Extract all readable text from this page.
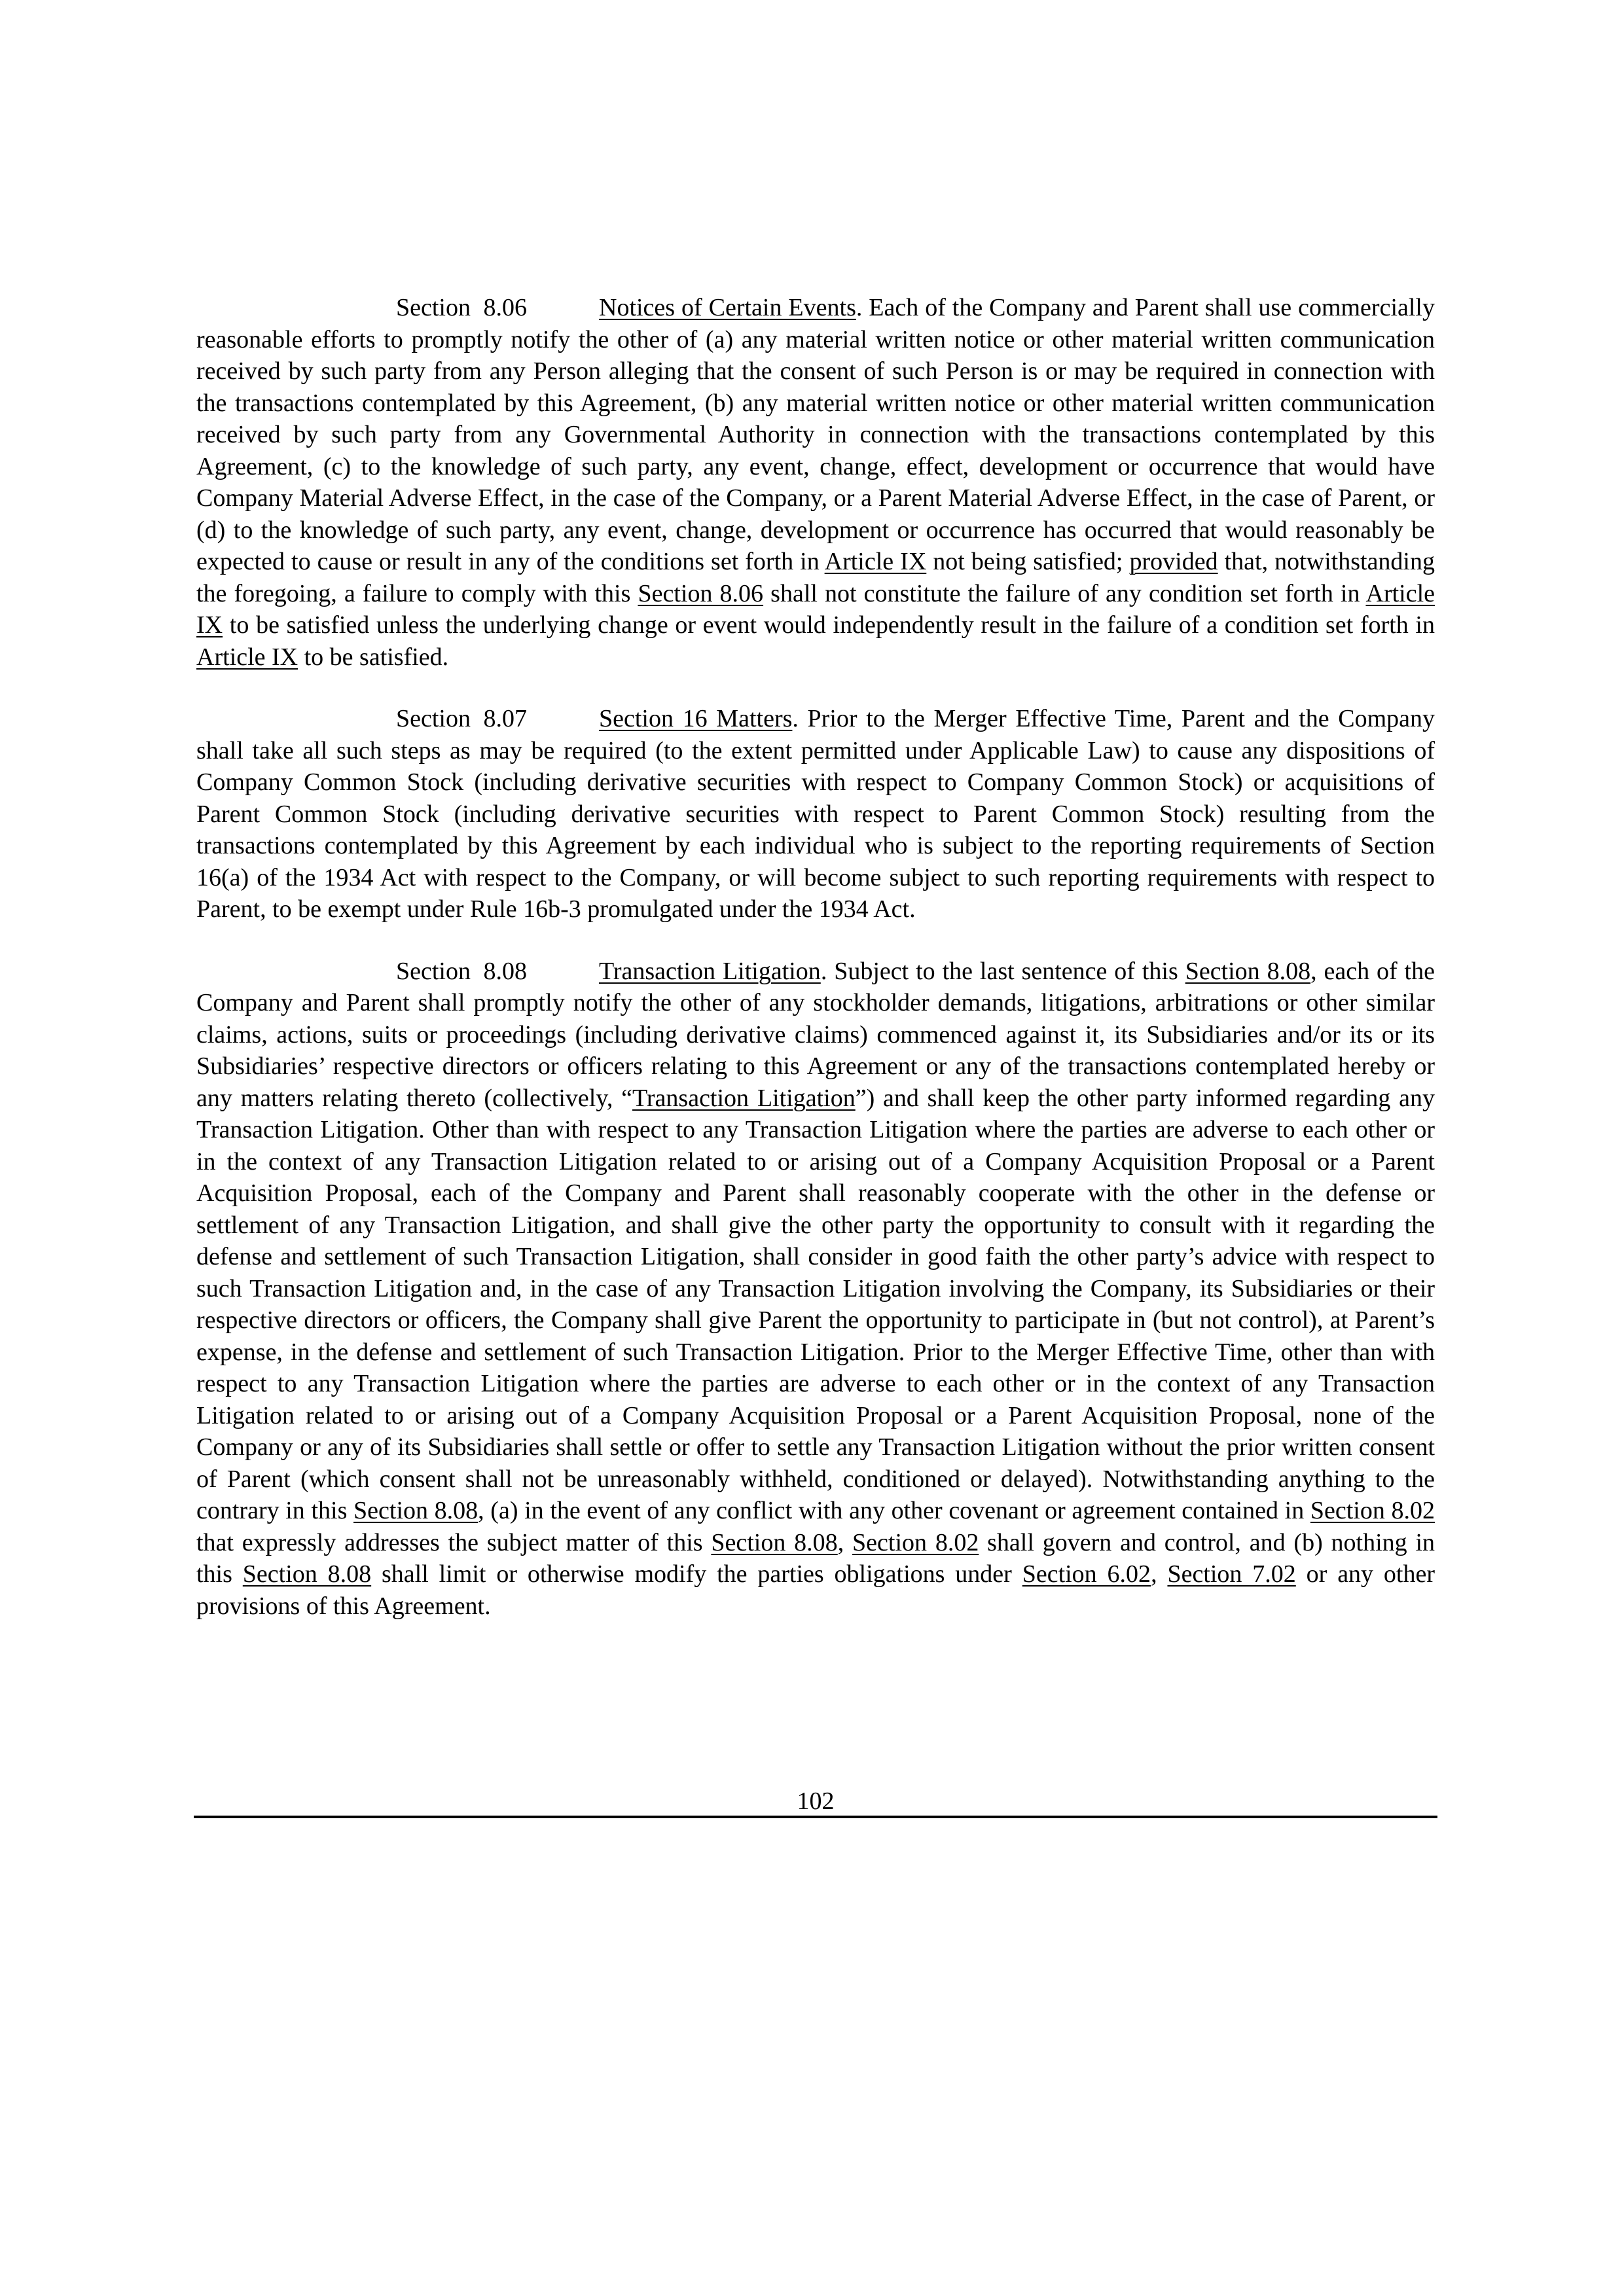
Section 8.06	Notices of Certain Events. Each of the Company and Parent shall use commercially reasonable efforts to promptly notify the other of (a) any material written notice or other material written communication received by such party from any Person alleging that the consent of such Person is or may be required in connection with the transactions contemplated by this Agreement, (b) any material written notice or other material written communication received by such party from any Governmental Authority in connection with the transactions contemplated by this Agreement, (c) to the knowledge of such party, any event, change, effect, development or occurrence that would have Company Material Adverse Effect, in the case of the Company, or a Parent Material Adverse Effect, in the case of Parent, or (d) to the knowledge of such party, any event, change, development or occurrence has occurred that would reasonably be expected to cause or result in any of the conditions set forth in Article IX not being satisfied; provided that, notwithstanding the foregoing, a failure to comply with this Section 8.06 shall not constitute the failure of any condition set forth in Article IX to be satisfied unless the underlying change or event would independently result in the failure of a condition set forth in Article IX to be satisfied.

Section 8.07	Section 16 Matters. Prior to the Merger Effective Time, Parent and the Company shall take all such steps as may be required (to the extent permitted under Applicable Law) to cause any dispositions of Company Common Stock (including derivative securities with respect to Company Common Stock) or acquisitions of Parent Common Stock (including derivative securities with respect to Parent Common Stock) resulting from the transactions contemplated by this Agreement by each individual who is subject to the reporting requirements of Section 16(a) of the 1934 Act with respect to the Company, or will become subject to such reporting requirements with respect to Parent, to be exempt under Rule 16b-3 promulgated under the 1934 Act.

Section 8.08	Transaction Litigation. Subject to the last sentence of this Section 8.08, each of the Company and Parent shall promptly notify the other of any stockholder demands, litigations, arbitrations or other similar claims, actions, suits or proceedings (including derivative claims) commenced against it, its Subsidiaries and/or its or its Subsidiaries’ respective directors or officers relating to this Agreement or any of the transactions contemplated hereby or any matters relating thereto (collectively, “Transaction Litigation”) and shall keep the other party informed regarding any Transaction Litigation. Other than with respect to any Transaction Litigation where the parties are adverse to each other or in the context of any Transaction Litigation related to or arising out of a Company Acquisition Proposal or a Parent Acquisition Proposal, each of the Company and Parent shall reasonably cooperate with the other in the defense or settlement of any Transaction Litigation, and shall give the other party the opportunity to consult with it regarding the defense and settlement of such Transaction Litigation, shall consider in good faith the other party’s advice with respect to such Transaction Litigation and, in the case of any Transaction Litigation involving the Company, its Subsidiaries or their respective directors or officers, the Company shall give Parent the opportunity to participate in (but not control), at Parent’s expense, in the defense and settlement of such Transaction Litigation. Prior to the Merger Effective Time, other than with respect to any Transaction Litigation where the parties are adverse to each other or in the context of any Transaction Litigation related to or arising out of a Company Acquisition Proposal or a Parent Acquisition Proposal, none of the Company or any of its Subsidiaries shall settle or offer to settle any Transaction Litigation without the prior written consent of Parent (which consent shall not be unreasonably withheld, conditioned or delayed). Notwithstanding anything to the contrary in this Section 8.08, (a) in the event of any conflict with any other covenant or agreement contained in Section 8.02 that expressly addresses the subject matter of this Section 8.08, Section 8.02 shall govern and control, and (b) nothing in this Section 8.08 shall limit or otherwise modify the parties obligations under Section 6.02, Section 7.02 or any other provisions of this Agreement.

102
